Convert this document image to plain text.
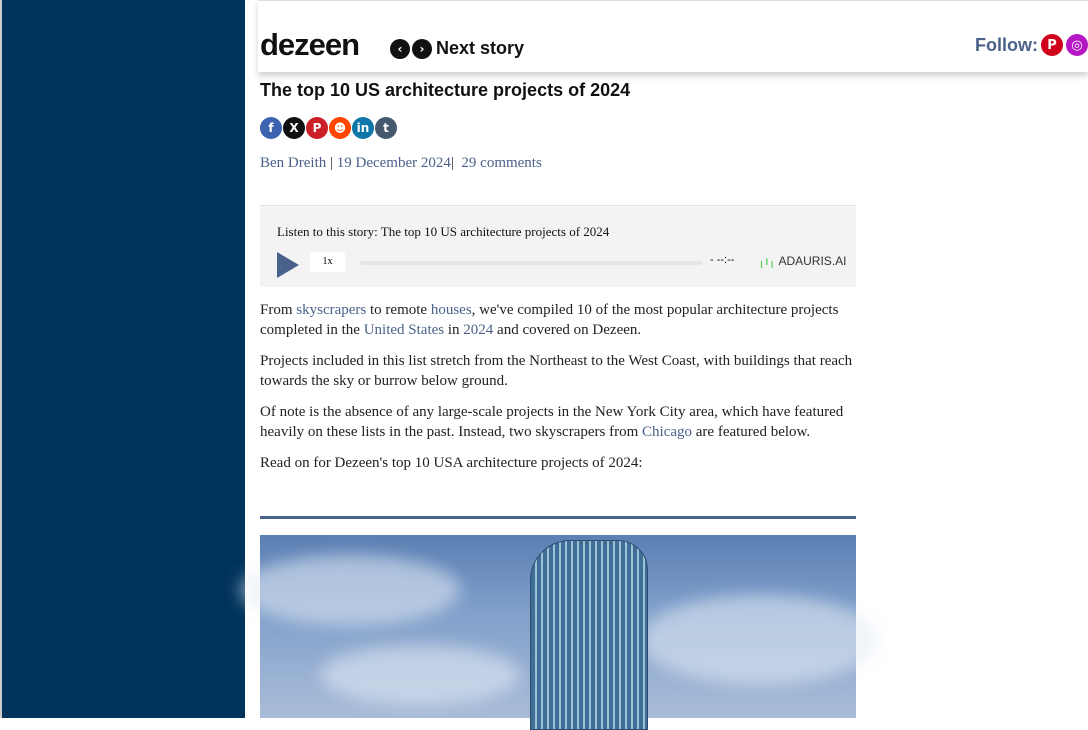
dezeen	‹	› Next story	Follow: P	◎
The top 10 US architecture projects of 2024
f	X	P	☻ in	t
Ben Dreith | 19 December 2024| 29 comments
Listen to this story: The top 10 US architecture projects of 2024
1x	- --:-- ╷ı╷ ADAURIS.AI

From skyscrapers to remote houses, we've compiled 10 of the most popular architecture projects completed in the United States in 2024 and covered on Dezeen.

Projects included in this list stretch from the Northeast to the West Coast, with buildings that reach towards the sky or burrow below ground.

Of note is the absence of any large-scale projects in the New York City area, which have featured heavily on these lists in the past. Instead, two skyscrapers from Chicago are featured below.

Read on for Dezeen's top 10 USA architecture projects of 2024:
